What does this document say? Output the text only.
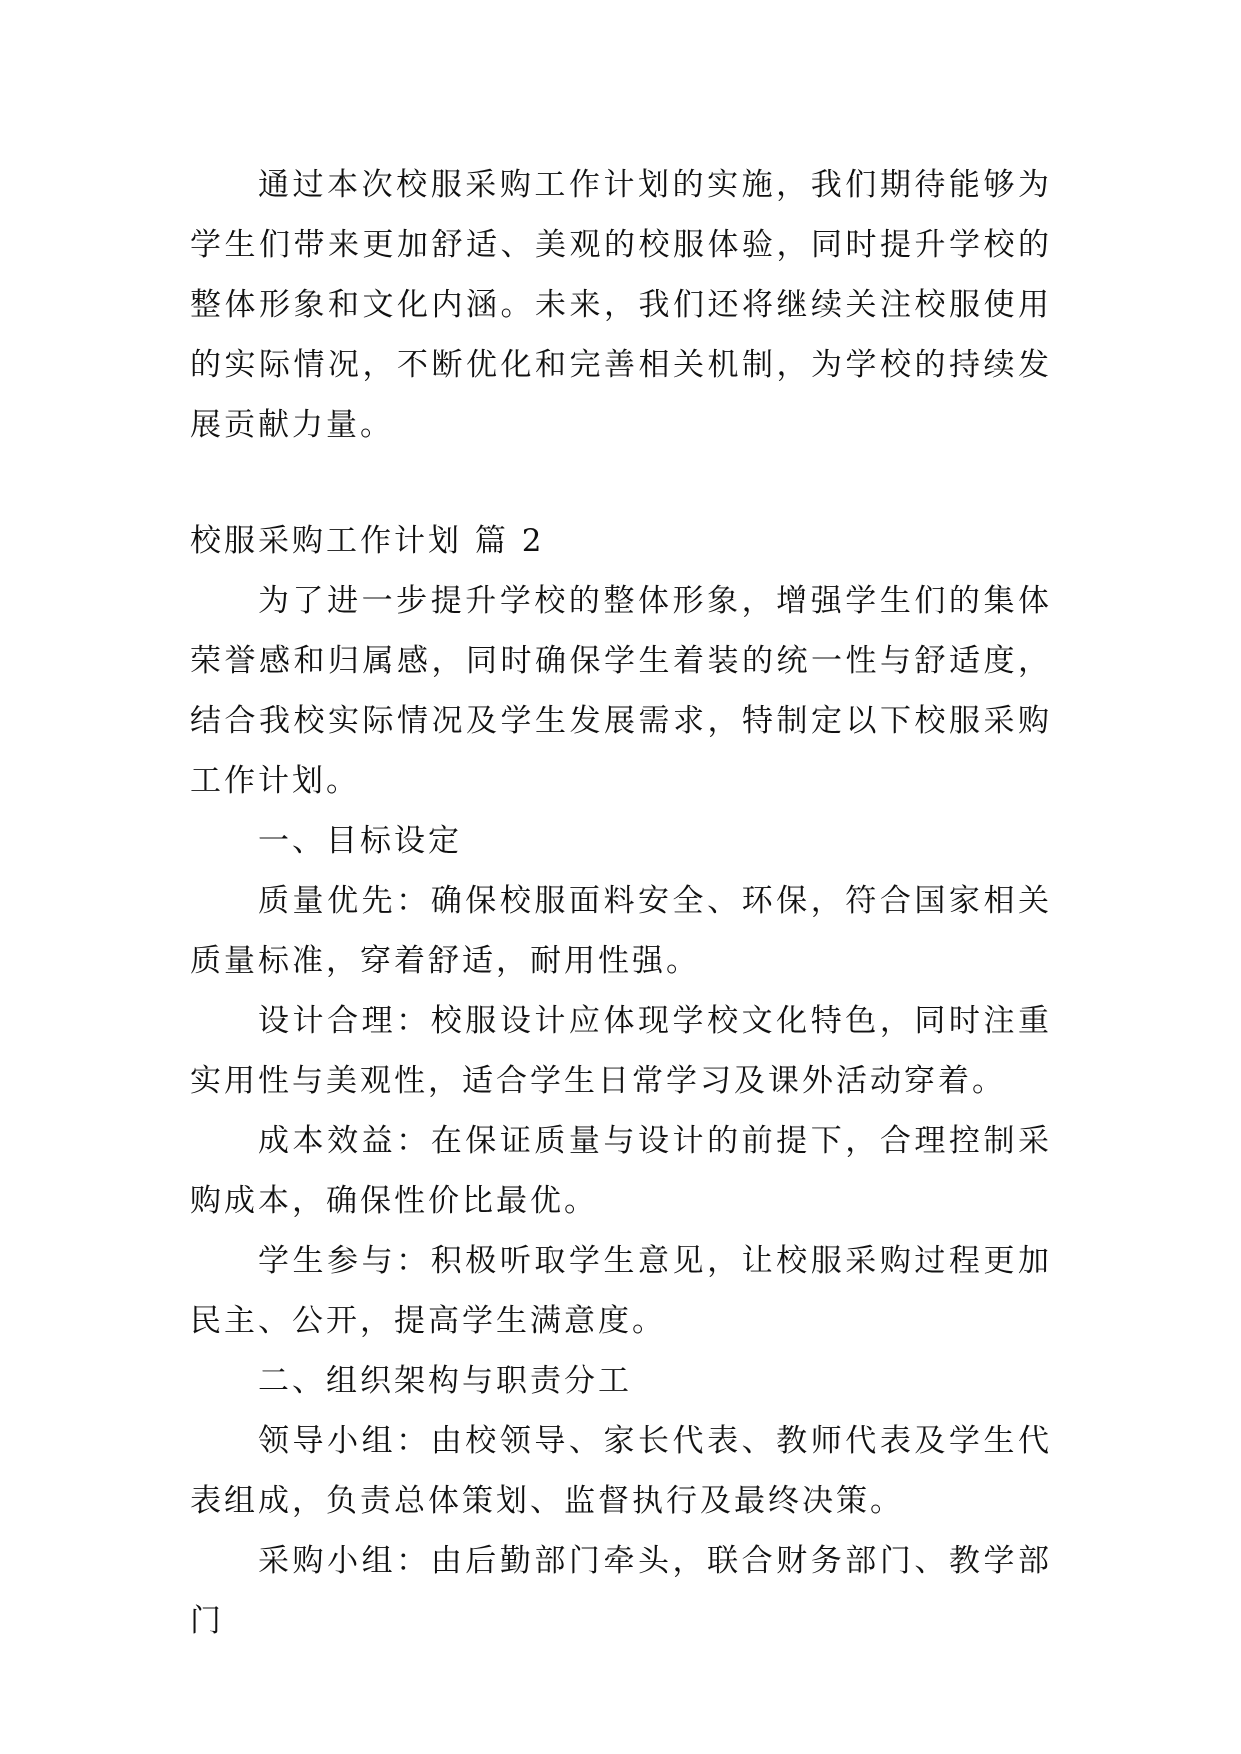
通过本次校服采购工作计划的实施，我们期待能够为学生们带来更加舒适、美观的校服体验，同时提升学校的整体形象和文化内涵。未来，我们还将继续关注校服使用的实际情况，不断优化和完善相关机制，为学校的持续发展贡献力量。

校服采购工作计划 篇 2

为了进一步提升学校的整体形象，增强学生们的集体荣誉感和归属感，同时确保学生着装的统一性与舒适度，结合我校实际情况及学生发展需求，特制定以下校服采购工作计划。

一、目标设定

质量优先：确保校服面料安全、环保，符合国家相关质量标准，穿着舒适，耐用性强。

设计合理：校服设计应体现学校文化特色，同时注重实用性与美观性，适合学生日常学习及课外活动穿着。

成本效益：在保证质量与设计的前提下，合理控制采购成本，确保性价比最优。

学生参与：积极听取学生意见，让校服采购过程更加民主、公开，提高学生满意度。

二、组织架构与职责分工

领导小组：由校领导、家长代表、教师代表及学生代表组成，负责总体策划、监督执行及最终决策。

采购小组：由后勤部门牵头，联合财务部门、教学部门
